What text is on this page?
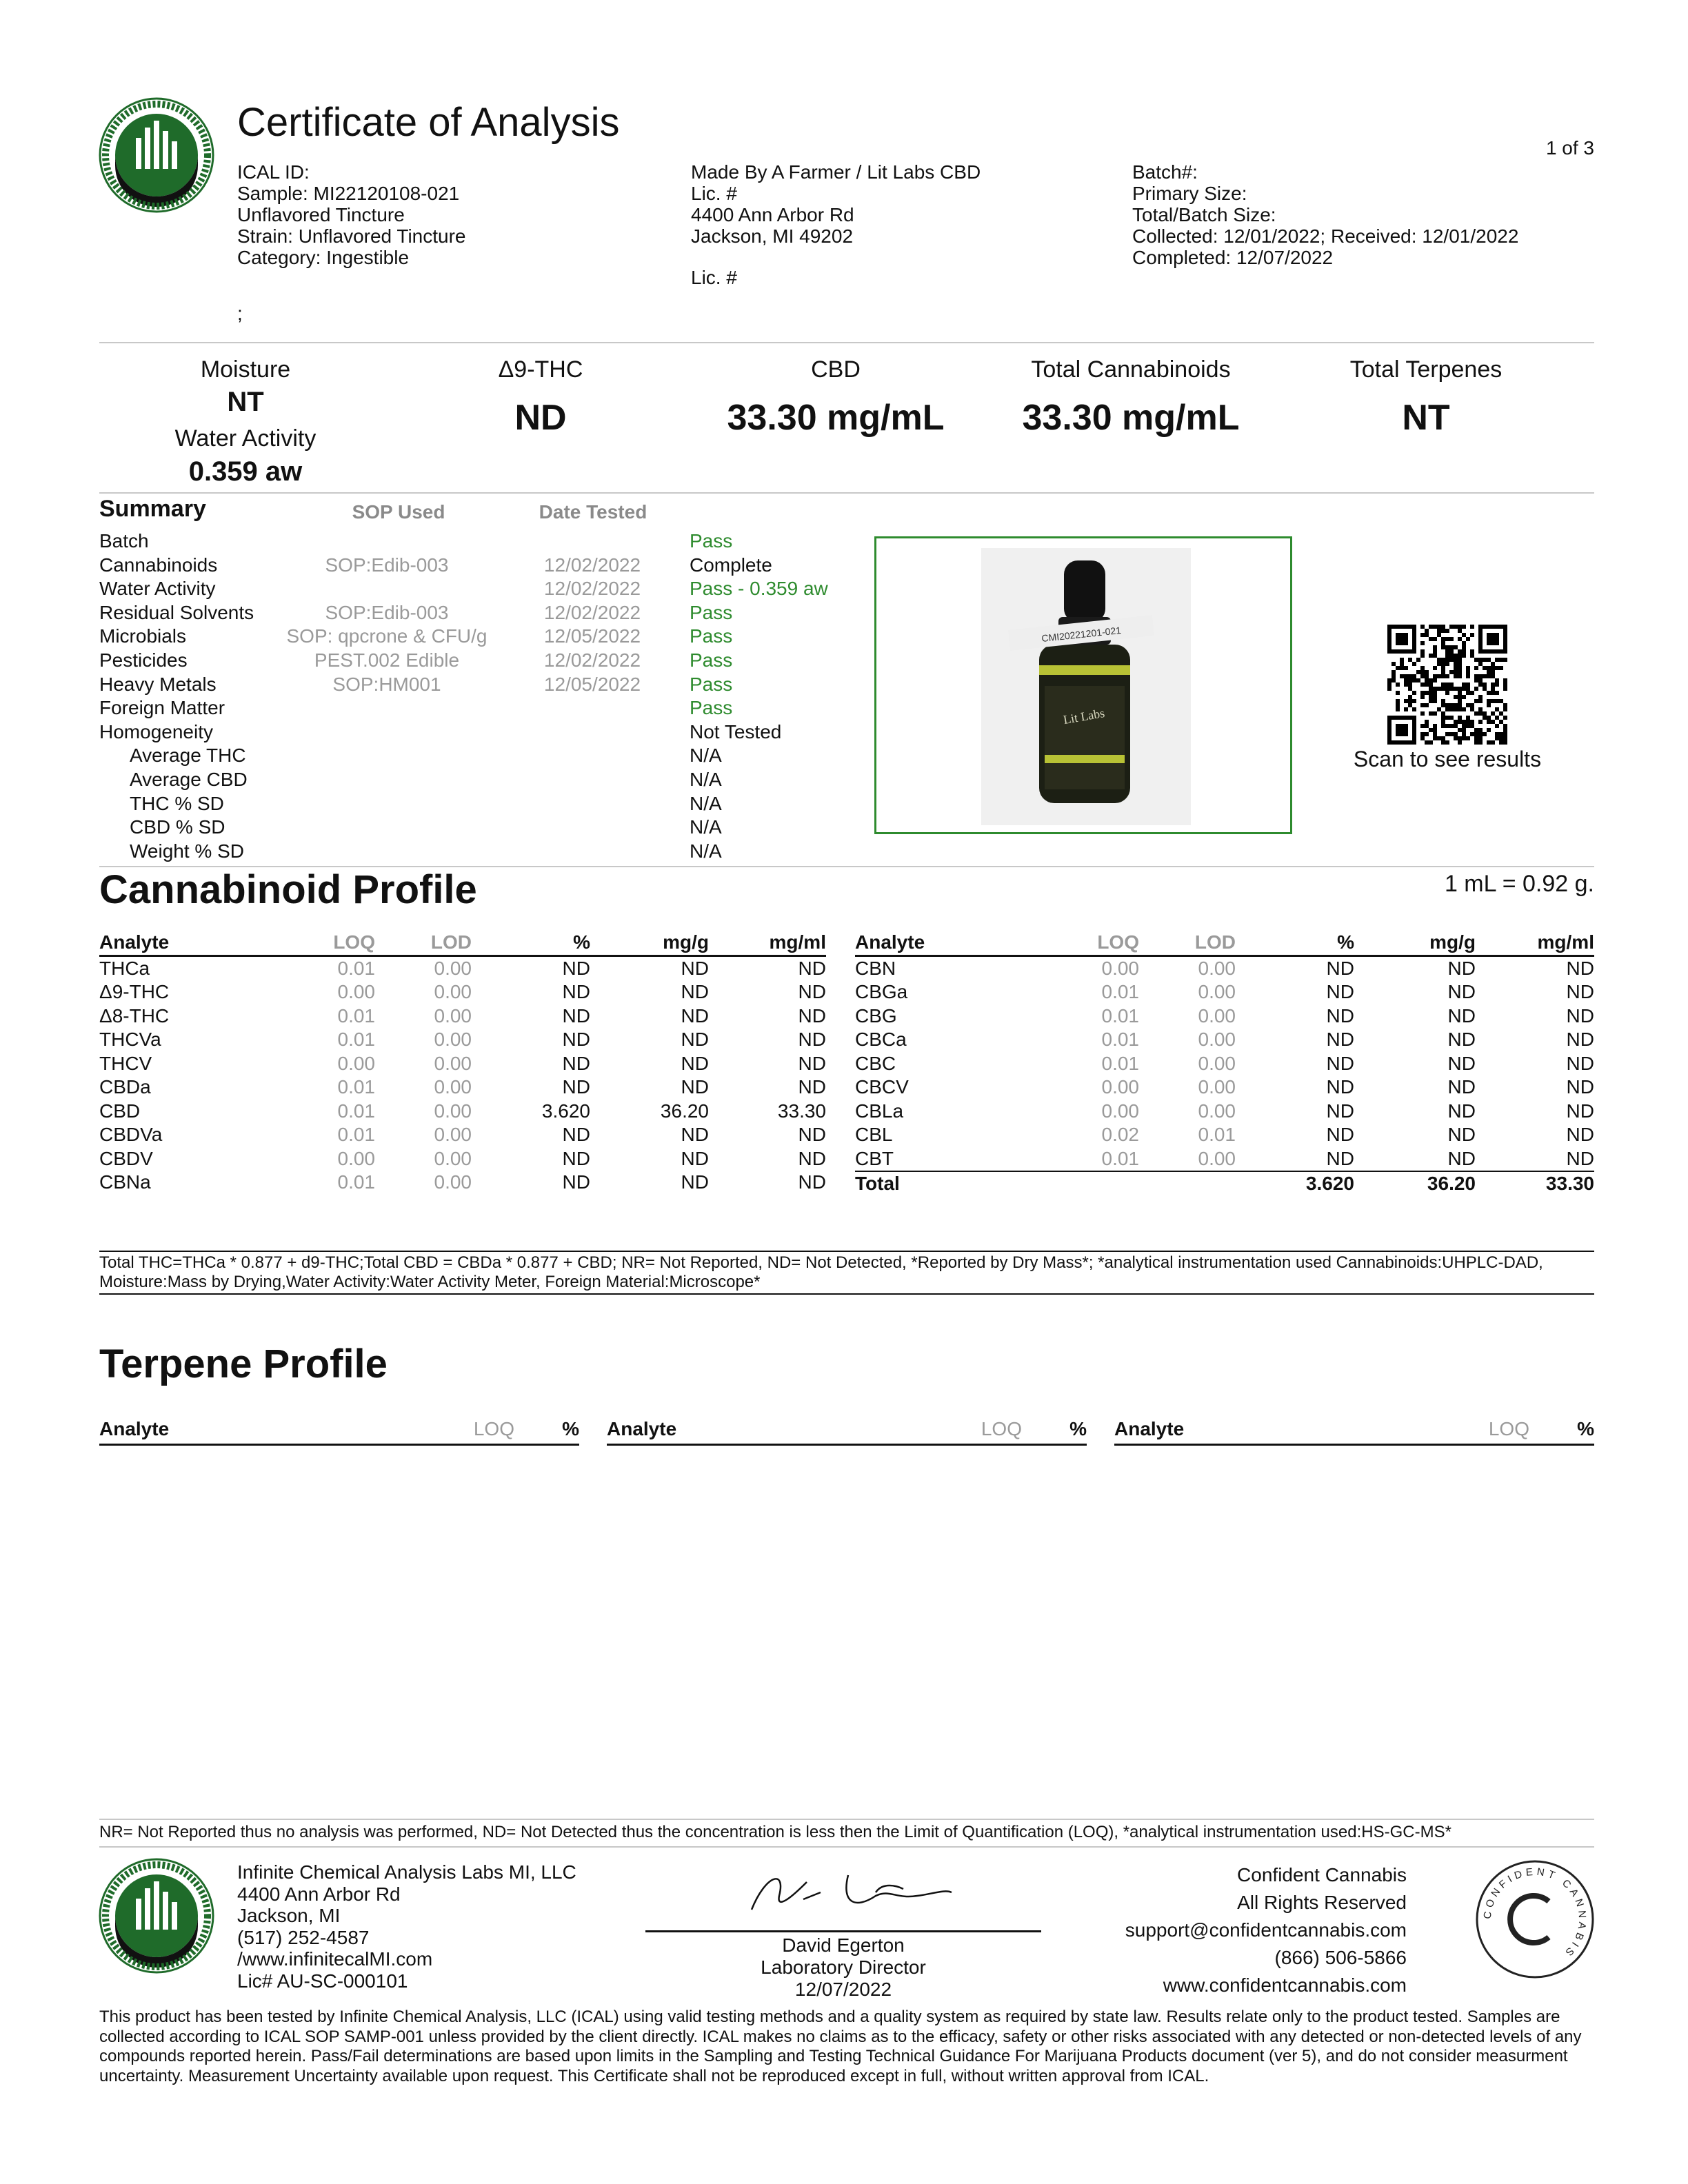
Certificate of Analysis
1 of 3
ICAL ID:
Sample: MI22120108-021
Unflavored Tincture
Strain: Unflavored Tincture
Category: Ingestible
;
Made By A Farmer / Lit Labs CBD
Lic. #
4400 Ann Arbor Rd
Jackson, MI 49202
Lic. #
Batch#:
Primary Size:
Total/Batch Size:
Collected: 12/01/2022; Received: 12/01/2022
Completed: 12/07/2022
Moisture
NT
Water Activity
0.359 aw
Δ9-THC
ND
CBD
33.30 mg/mL
Total Cannabinoids
33.30 mg/mL
Total Terpenes
NT
Summary	SOP Used	Date Tested
Batch			Pass
Cannabinoids	SOP:Edib-003	12/02/2022	Complete
Water Activity		12/02/2022	Pass - 0.359 aw
Residual Solvents	SOP:Edib-003	12/02/2022	Pass
Microbials	SOP: qpcrone & CFU/g	12/05/2022	Pass
Pesticides	PEST.002 Edible	12/02/2022	Pass
Heavy Metals	SOP:HM001	12/05/2022	Pass
Foreign Matter			Pass
Homogeneity			Not Tested
Average THC			N/A
Average CBD			N/A
THC % SD			N/A
CBD % SD			N/A
Weight % SD			N/A
Lit Labs
CMI20221201-021
Scan to see results
Cannabinoid Profile	1 mL = 0.92 g.
Analyte	LOQ	LOD	%	mg/g	mg/ml
THCa	0.01	0.00	ND	ND	ND
Δ9-THC	0.00	0.00	ND	ND	ND
Δ8-THC	0.01	0.00	ND	ND	ND
THCVa	0.01	0.00	ND	ND	ND
THCV	0.00	0.00	ND	ND	ND
CBDa	0.01	0.00	ND	ND	ND
CBD	0.01	0.00	3.620	36.20	33.30
CBDVa	0.01	0.00	ND	ND	ND
CBDV	0.00	0.00	ND	ND	ND
CBNa	0.01	0.00	ND	ND	ND
Analyte	LOQ	LOD	%	mg/g	mg/ml
CBN	0.00	0.00	ND	ND	ND
CBGa	0.01	0.00	ND	ND	ND
CBG	0.01	0.00	ND	ND	ND
CBCa	0.01	0.00	ND	ND	ND
CBC	0.01	0.00	ND	ND	ND
CBCV	0.00	0.00	ND	ND	ND
CBLa	0.00	0.00	ND	ND	ND
CBL	0.02	0.01	ND	ND	ND
CBT	0.01	0.00	ND	ND	ND
Total			3.620	36.20	33.30
Total THC=THCa * 0.877 + d9-THC;Total CBD = CBDa * 0.877 + CBD; NR= Not Reported, ND= Not Detected, *Reported by Dry Mass*; *analytical instrumentation used Cannabinoids:UHPLC-DAD, Moisture:Mass by Drying,Water Activity:Water Activity Meter, Foreign Material:Microscope*
Terpene Profile
Analyte	LOQ	% Analyte	LOQ	% Analyte	LOQ	%
NR= Not Reported thus no analysis was performed, ND= Not Detected thus the concentration is less then the Limit of Quantification (LOQ), *analytical instrumentation used:HS-GC-MS*
Infinite Chemical Analysis Labs MI, LLC
4400 Ann Arbor Rd
Jackson, MI
(517) 252-4587
/www.infinitecalMI.com
Lic# AU-SC-000101
David Egerton
Laboratory Director
12/07/2022
Confident Cannabis
All Rights Reserved
support@confidentcannabis.com
(866) 506-5866
www.confidentcannabis.com
CONFIDENT CANNABIS
This product has been tested by Infinite Chemical Analysis, LLC (ICAL) using valid testing methods and a quality system as required by state law. Results relate only to the product tested. Samples are collected according to ICAL SOP SAMP-001 unless provided by the client directly. ICAL makes no claims as to the efficacy, safety or other risks associated with any detected or non-detected levels of any compounds reported herein. Pass/Fail determinations are based upon limits in the Sampling and Testing Technical Guidance For Marijuana Products document (ver 5), and do not consider measurment uncertainty. Measurement Uncertainty available upon request. This Certificate shall not be reproduced except in full, without written approval from ICAL.
